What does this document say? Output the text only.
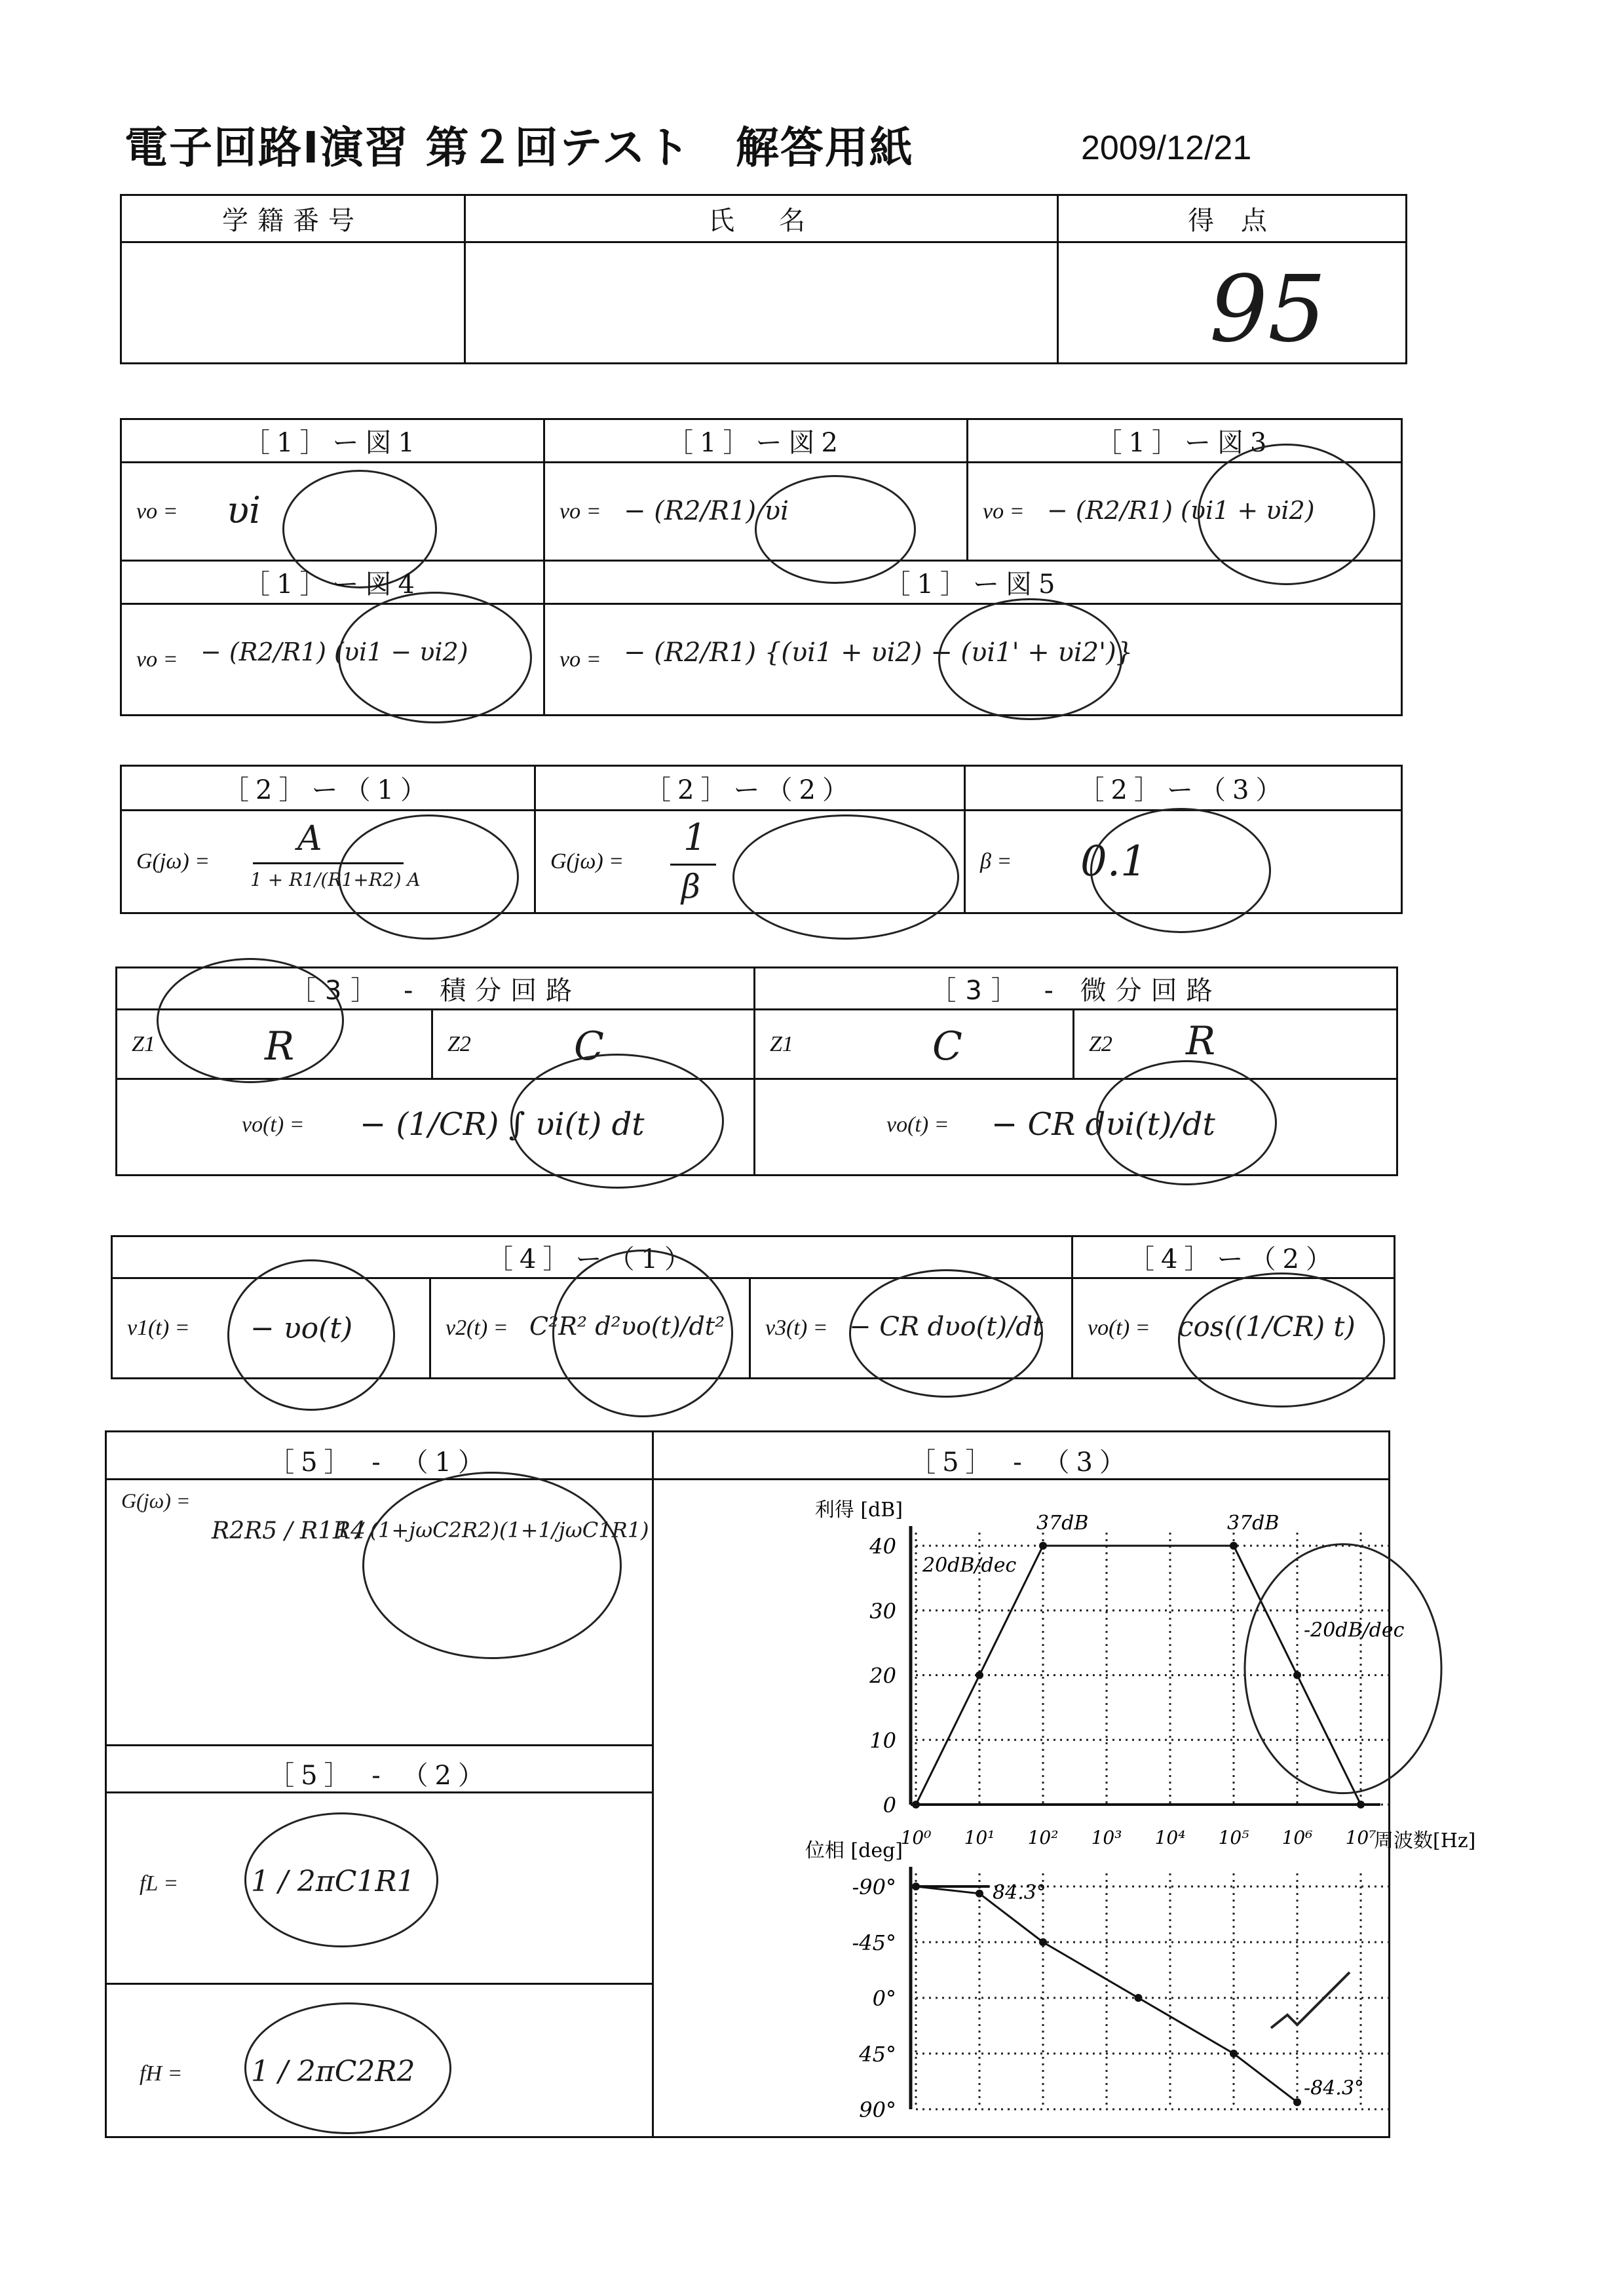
電子回路Ⅰ演習 第２回テスト　解答用紙	2009/12/21
学籍番号	氏　名	得 点

		95
［1］ー図1	［1］ー図2	［1］ー図3

vo = υi	vo = − (R2/R1) υi	vo = − (R2/R1) (υi1 + υi2)

［1］ー図4	［1］ー図5	

vo = − (R2/R1) (υi1 − υi2)	vo = − (R2/R1) {(υi1 + υi2) − (υi1' + υi2')}	
［2］ー（1）	［2］ー（2）	［2］ー（3）

G(jω) =
A
1 + R1/(R1+R2) A	G(jω) =
1
β	β = 0.1
［3］ - 積分回路		［3］ - 微分回路	

Z1 R	Z2 C	Z1 C	Z2 R

vo(t) = − (1/CR) ∫ υi(t) dt		vo(t) = − CR dυi(t)/dt	
［4］ー（1）			［4］ー（2）

v1(t) = − υo(t)	v2(t) = C²R² d²υo(t)/dt²	v3(t) = − CR dυo(t)/dt	vo(t) = cos((1/CR) t)
［5］ - （1）
G(jω) =
R2R5 / R1R4
1 / (1+jωC2R2)(1+1/jωC1R1)
［5］ - （2）
fL =	1 / 2πC1R1
fH = 1 / 2πC2R2
［5］ - （3）
0
10
20
30
40
利得 [dB]
10⁰ 10¹ 10² 10³ 10⁴ 10⁵ 10⁶ 10⁷
周波数[Hz]
37dB	37dB
20dB/dec
-20dB/dec
90°
45°
0°
-45°
-90°
位相 [deg]
84.3°
-84.3°
